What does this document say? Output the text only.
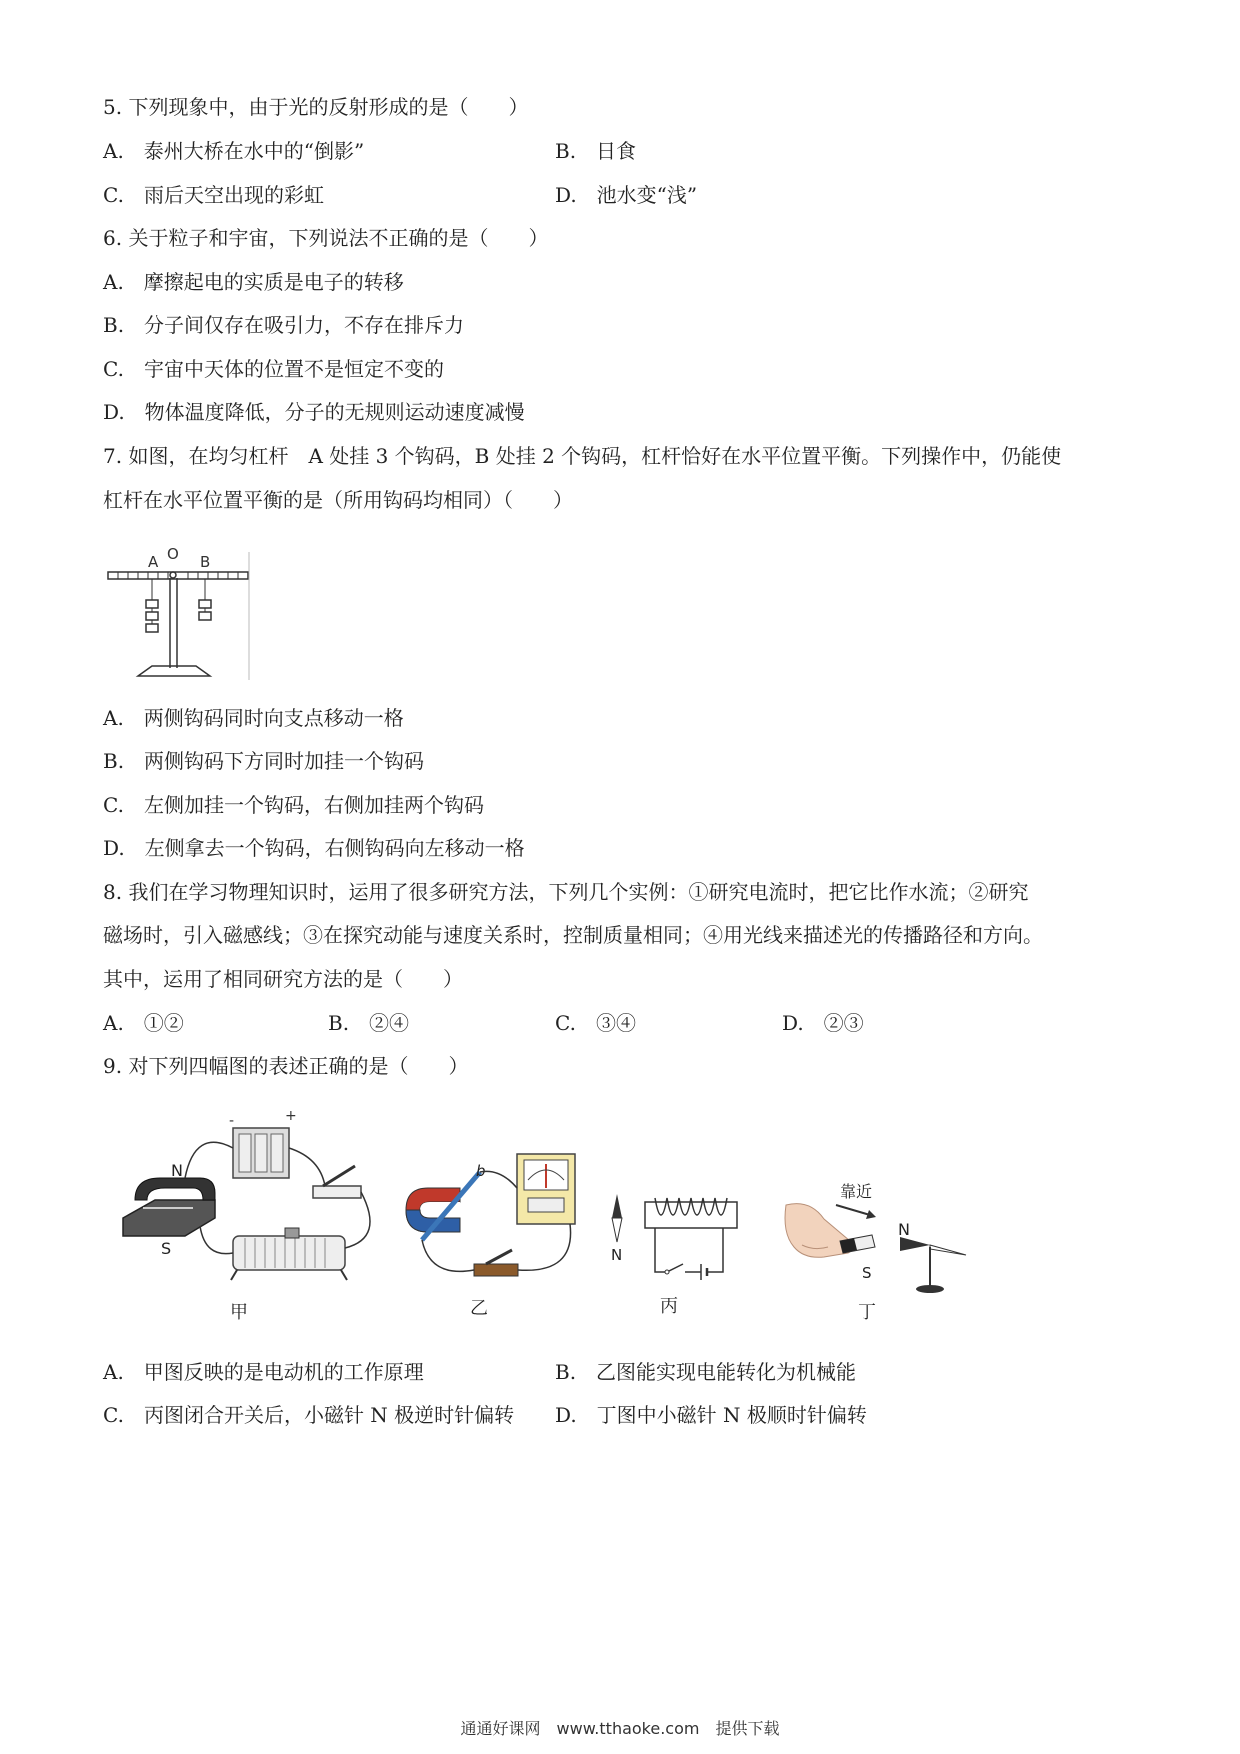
5. 下列现象中，由于光的反射形成的是（　　）
A.　泰州大桥在水中的“倒影”	B.　日食
C.　雨后天空出现的彩虹	D.　池水变“浅”
6. 关于粒子和宇宙，下列说法不正确的是（　　）
A.　摩擦起电的实质是电子的转移
B.　分子间仅存在吸引力，不存在排斥力
C.　宇宙中天体的位置不是恒定不变的
D.　物体温度降低，分子的无规则运动速度减慢
7. 如图，在均匀杠杆　A 处挂 3 个钩码，B 处挂 2 个钩码，杠杆恰好在水平位置平衡。下列操作中，仍能使
杠杆在水平位置平衡的是（所用钩码均相同）（　　）
A O B
A.　两侧钩码同时向支点移动一格
B.　两侧钩码下方同时加挂一个钩码
C.　左侧加挂一个钩码，右侧加挂两个钩码
D.　左侧拿去一个钩码，右侧钩码向左移动一格
8. 我们在学习物理知识时，运用了很多研究方法，下列几个实例：①研究电流时，把它比作水流；②研究
磁场时，引入磁感线；③在探究动能与速度关系时，控制质量相同；④用光线来描述光的传播路径和方向。
其中，运用了相同研究方法的是（　　）
A.　①②	B.　②④	C.　③④	D.　②③
9. 对下列四幅图的表述正确的是（　　）
-	+
N
S
甲
b
乙
N
丙
靠近
S
N
丁
A.　甲图反映的是电动机的工作原理	B.　乙图能实现电能转化为机械能
C.　丙图闭合开关后，小磁针 N 极逆时针偏转 D.　丁图中小磁针 N 极顺时针偏转
通通好课网　www.tthaoke.com　提供下载
